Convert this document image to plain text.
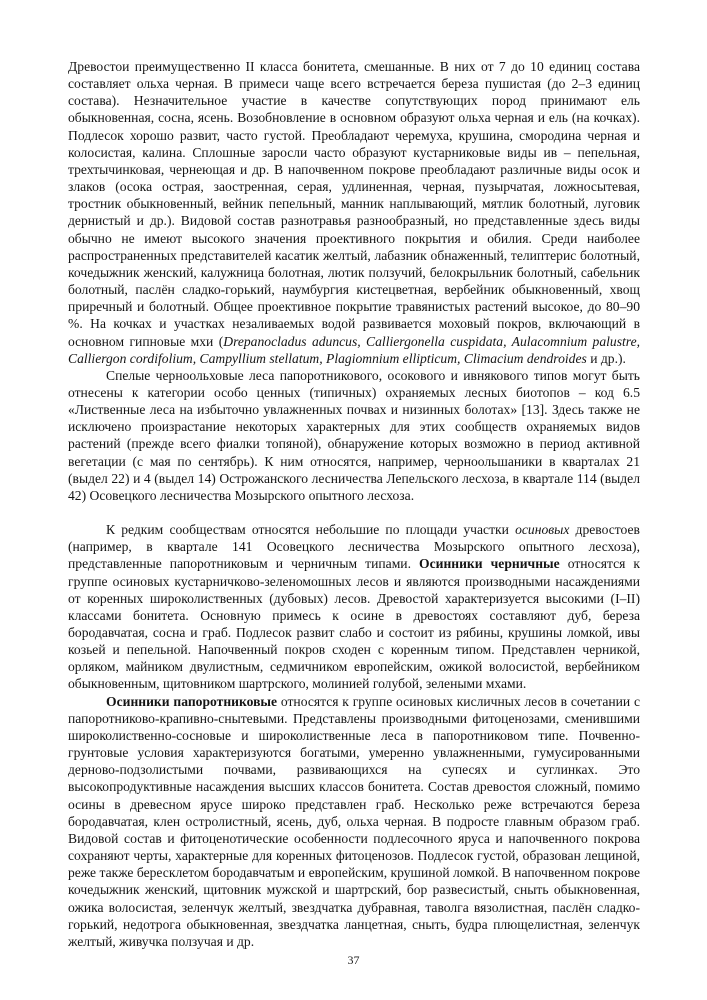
Древостои преимущественно II класса бонитета, смешанные. В них от 7 до 10 единиц состава составляет ольха черная. В примеси чаще всего встречается береза пушистая (до 2–3 единиц состава). Незначительное участие в качестве сопутствующих пород принимают ель обыкновенная, сосна, ясень. Возобновление в основном образуют ольха черная и ель (на кочках). Подлесок хорошо развит, часто густой. Преобладают черемуха, крушина, смородина черная и колосистая, калина. Сплошные заросли часто образуют кустарниковые виды ив – пепельная, трехтычинковая, чернеющая и др. В напочвенном покрове преобладают различные виды осок и злаков (осока острая, заостренная, серая, удлиненная, черная, пузырчатая, ложносытевая, тростник обыкновенный, вейник пепельный, манник наплывающий, мятлик болотный, луговик дернистый и др.). Видовой состав разнотравья разнообразный, но представленные здесь виды обычно не имеют высокого значения проективного покрытия и обилия. Среди наиболее распространенных представителей касатик желтый, лабазник обнаженный, телиптерис болотный, кочедыжник женский, калужница болотная, лютик ползучий, белокрыльник болотный, сабельник болотный, паслён сладко-горький, наумбургия кистецветная, вербейник обыкновенный, хвощ приречный и болотный. Общее проективное покрытие травянистых растений высокое, до 80–90 %. На кочках и участках незаливаемых водой развивается моховый покров, включающий в основном гипновые мхи (Drepanocladus aduncus, Calliergonella cuspidata, Aulacomnium palustre, Calliergon cordifolium, Campyllium stellatum, Plagiomnium ellipticum, Climacium dendroides и др.).

Спелые черноольховые леса папоротникового, осокового и ивнякового типов могут быть отнесены к категории особо ценных (типичных) охраняемых лесных биотопов – код 6.5 «Лиственные леса на избыточно увлажненных почвах и низинных болотах» [13]. Здесь также не исключено произрастание некоторых характерных для этих сообществ охраняемых видов растений (прежде всего фиалки топяной), обнаружение которых возможно в период активной вегетации (с мая по сентябрь). К ним относятся, например, черноольшаники в кварталах 21 (выдел 22) и 4 (выдел 14) Острожанского лесничества Лепельского лесхоза, в квартале 114 (выдел 42) Осовецкого лесничества Мозырского опытного лесхоза.

К редким сообществам относятся небольшие по площади участки осиновых древостоев (например, в квартале 141 Осовецкого лесничества Мозырского опытного лесхоза), представленные папоротниковым и черничным типами. Осинники черничные относятся к группе осиновых кустарничково-зеленомошных лесов и являются производными насаждениями от коренных широколиственных (дубовых) лесов. Древостой характеризуется высокими (I–II) классами бонитета. Основную примесь к осине в древостоях составляют дуб, береза бородавчатая, сосна и граб. Подлесок развит слабо и состоит из рябины, крушины ломкой, ивы козьей и пепельной. Напочвенный покров сходен с коренным типом. Представлен черникой, орляком, майником двулистным, седмичником европейским, ожикой волосистой, вербейником обыкновенным, щитовником шартрского, молинией голубой, зелеными мхами.

Осинники папоротниковые относятся к группе осиновых кисличных лесов в сочетании с папоротниково-крапивно-снытевыми. Представлены производными фитоценозами, сменившими широколиственно-сосновые и широколиственные леса в папоротниковом типе. Почвенно-грунтовые условия характеризуются богатыми, умеренно увлажненными, гумусированными дерново-подзолистыми почвами, развивающихся на супесях и суглинках. Это высокопродуктивные насаждения высших классов бонитета. Состав древостоя сложный, помимо осины в древесном ярусе широко представлен граб. Несколько реже встречаются береза бородавчатая, клен остролистный, ясень, дуб, ольха черная. В подросте главным образом граб. Видовой состав и фитоценотические особенности подлесочного яруса и напочвенного покрова сохраняют черты, характерные для коренных фитоценозов. Подлесок густой, образован лещиной, реже также бересклетом бородавчатым и европейским, крушиной ломкой. В напочвенном покрове кочедыжник женский, щитовник мужской и шартрский, бор развесистый, сныть обыкновенная, ожика волосистая, зеленчук желтый, звездчатка дубравная, таволга вязолистная, паслён сладко-горький, недотрога обыкновенная, звездчатка ланцетная, сныть, будра плющелистная, зеленчук желтый, живучка ползучая и др.

37
